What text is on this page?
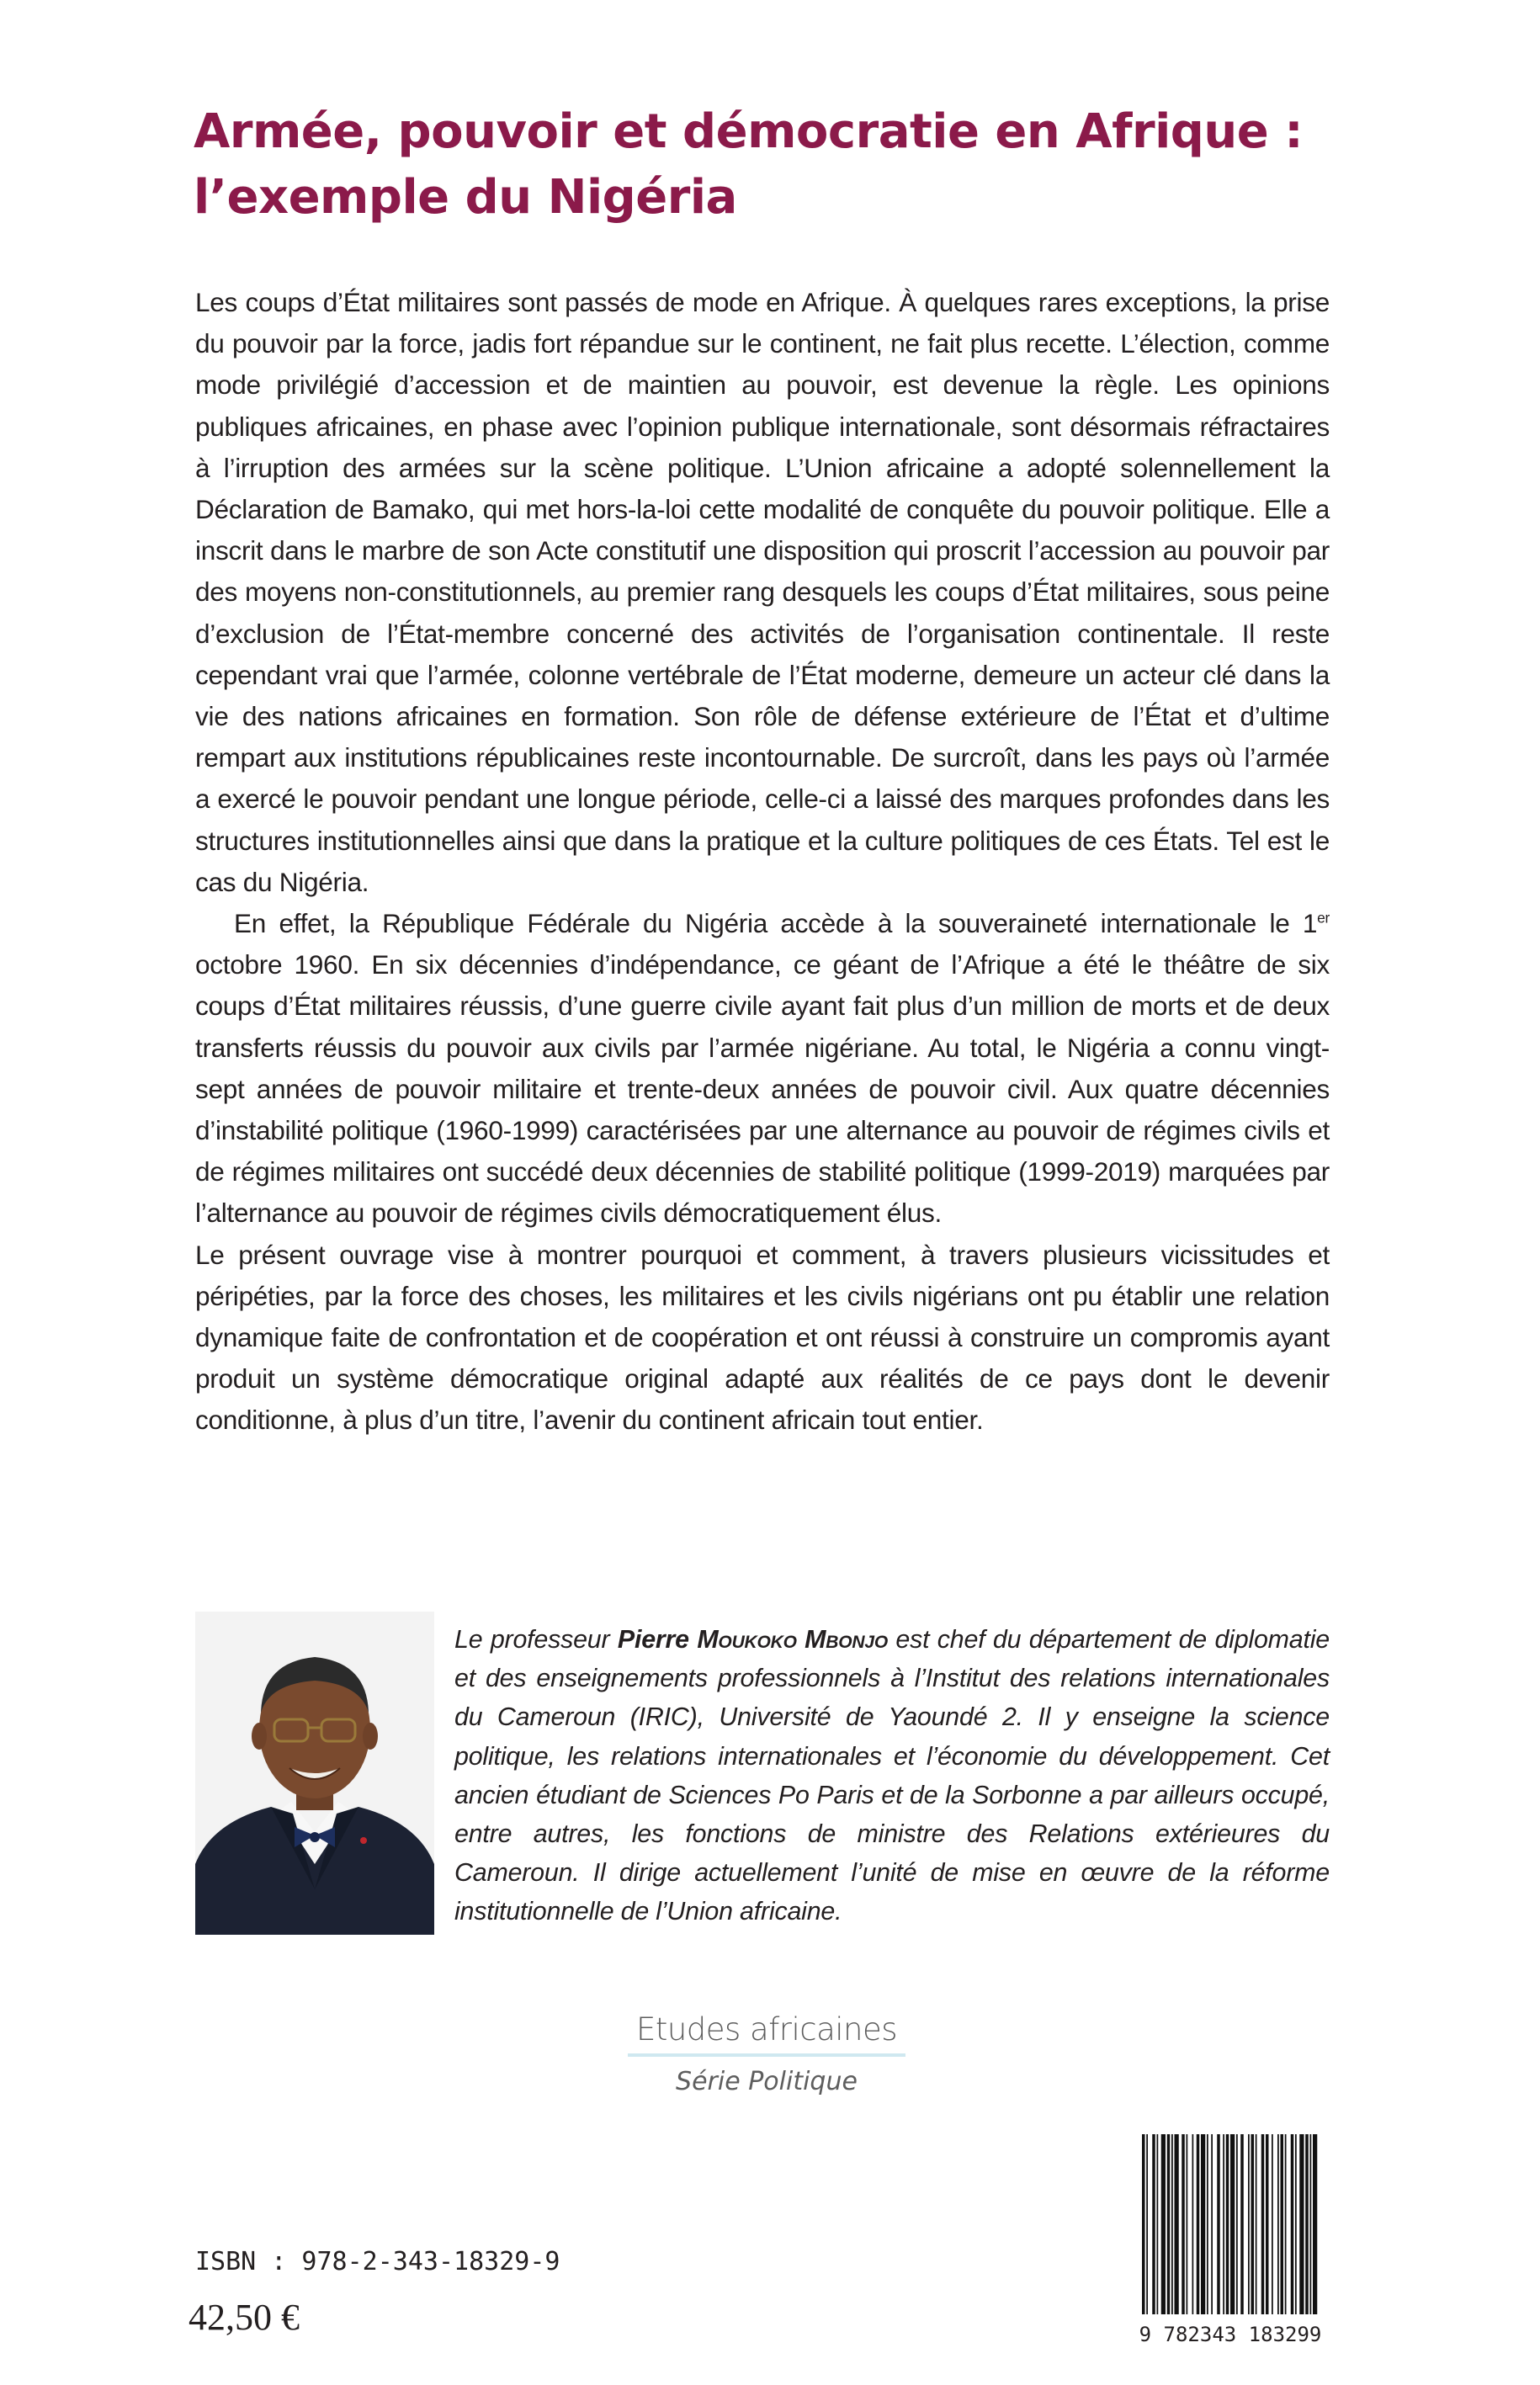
Armée, pouvoir et démocratie en Afrique :
l’exemple du Nigéria

Les coups d’État militaires sont passés de mode en Afrique. À quelques rares exceptions, la prise du pouvoir par la force, jadis fort répandue sur le continent, ne fait plus recette. L’élection, comme mode privilégié d’accession et de maintien au pouvoir, est devenue la règle. Les opinions publiques africaines, en phase avec l’opinion publique internationale, sont désormais réfractaires à l’irruption des armées sur la scène politique. L’Union africaine a adopté solennellement la Déclaration de Bamako, qui met hors-la-loi cette modalité de conquête du pouvoir politique. Elle a inscrit dans le marbre de son Acte constitutif une disposition qui proscrit l’accession au pouvoir par des moyens non-constitutionnels, au premier rang desquels les coups d’État militaires, sous peine d’exclusion de l’État-membre concerné des activités de l’organisation continentale. Il reste cependant vrai que l’armée, colonne vertébrale de l’État moderne, demeure un acteur clé dans la vie des nations africaines en formation. Son rôle de défense extérieure de l’État et d’ultime rempart aux institutions républicaines reste incontournable. De surcroît, dans les pays où l’armée a exercé le pouvoir pendant une longue période, celle-ci a laissé des marques profondes dans les structures institutionnelles ainsi que dans la pratique et la culture politiques de ces États. Tel est le cas du Nigéria.

En effet, la République Fédérale du Nigéria accède à la souveraineté internationale le 1er octobre 1960. En six décennies d’indépendance, ce géant de l’Afrique a été le théâtre de six coups d’État militaires réussis, d’une guerre civile ayant fait plus d’un million de morts et de deux transferts réussis du pouvoir aux civils par l’armée nigériane. Au total, le Nigéria a connu vingt-sept années de pouvoir militaire et trente-deux années de pouvoir civil. Aux quatre décennies d’instabilité politique (1960-1999) caractérisées par une alternance au pouvoir de régimes civils et de régimes militaires ont succédé deux décennies de stabilité politique (1999-2019) marquées par l’alternance au pouvoir de régimes civils démocratiquement élus.

Le présent ouvrage vise à montrer pourquoi et comment, à travers plusieurs vicissitudes et péripéties, par la force des choses, les militaires et les civils nigérians ont pu établir une relation dynamique faite de confrontation et de coopération et ont réussi à construire un compromis ayant produit un système démocratique original adapté aux réalités de ce pays dont le devenir conditionne, à plus d’un titre, l’avenir du continent africain tout entier.

Le professeur Pierre Moukoko Mbonjo est chef du département de diplomatie et des enseignements professionnels à l’Institut des relations internationales du Cameroun (IRIC), Université de Yaoundé 2. Il y enseigne la science politique, les relations internationales et l’économie du développement. Cet ancien étudiant de Sciences Po Paris et de la Sorbonne a par ailleurs occupé, entre autres, les fonctions de ministre des Relations extérieures du Cameroun. Il dirige actuellement l’unité de mise en œuvre de la réforme institutionnelle de l’Union africaine.
Etudes africaines
Série Politique
ISBN : 978-2-343-18329-9
42,50 €	9 782343 183299
